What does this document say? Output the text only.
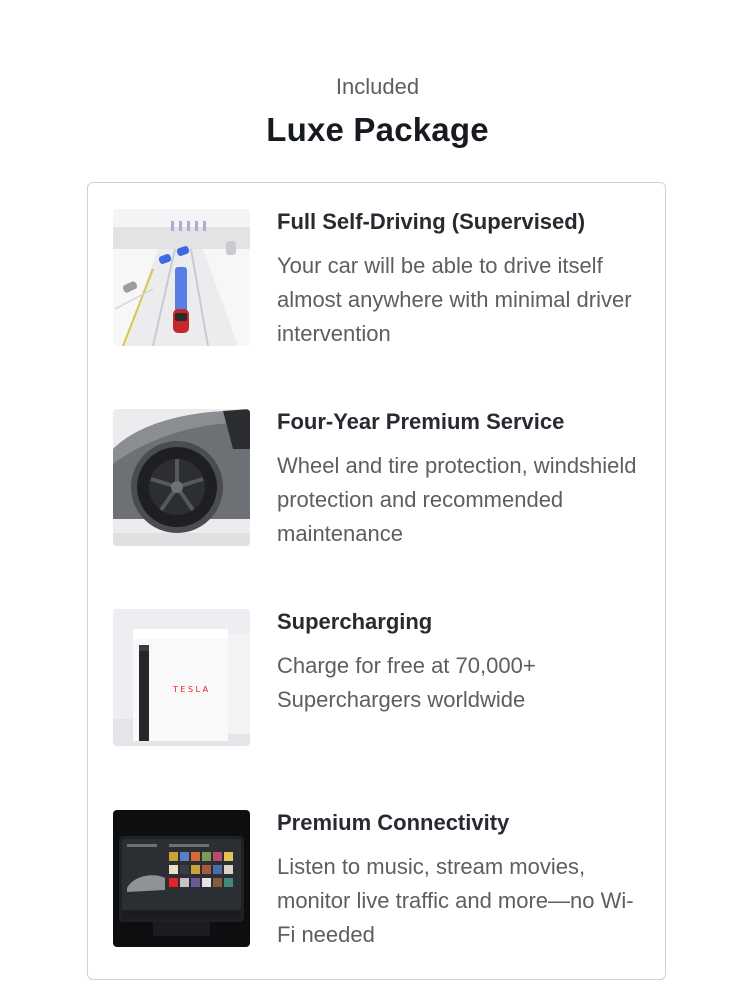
Included
Luxe Package
Full Self-Driving (Supervised)
Your car will be able to drive itself almost anywhere with minimal driver intervention
Four-Year Premium Service
Wheel and tire protection, windshield protection and recommended maintenance
TESLA
Supercharging
Charge for free at 70,000+ Superchargers worldwide
Premium Connectivity
Listen to music, stream movies, monitor live traffic and more—no Wi-Fi needed
